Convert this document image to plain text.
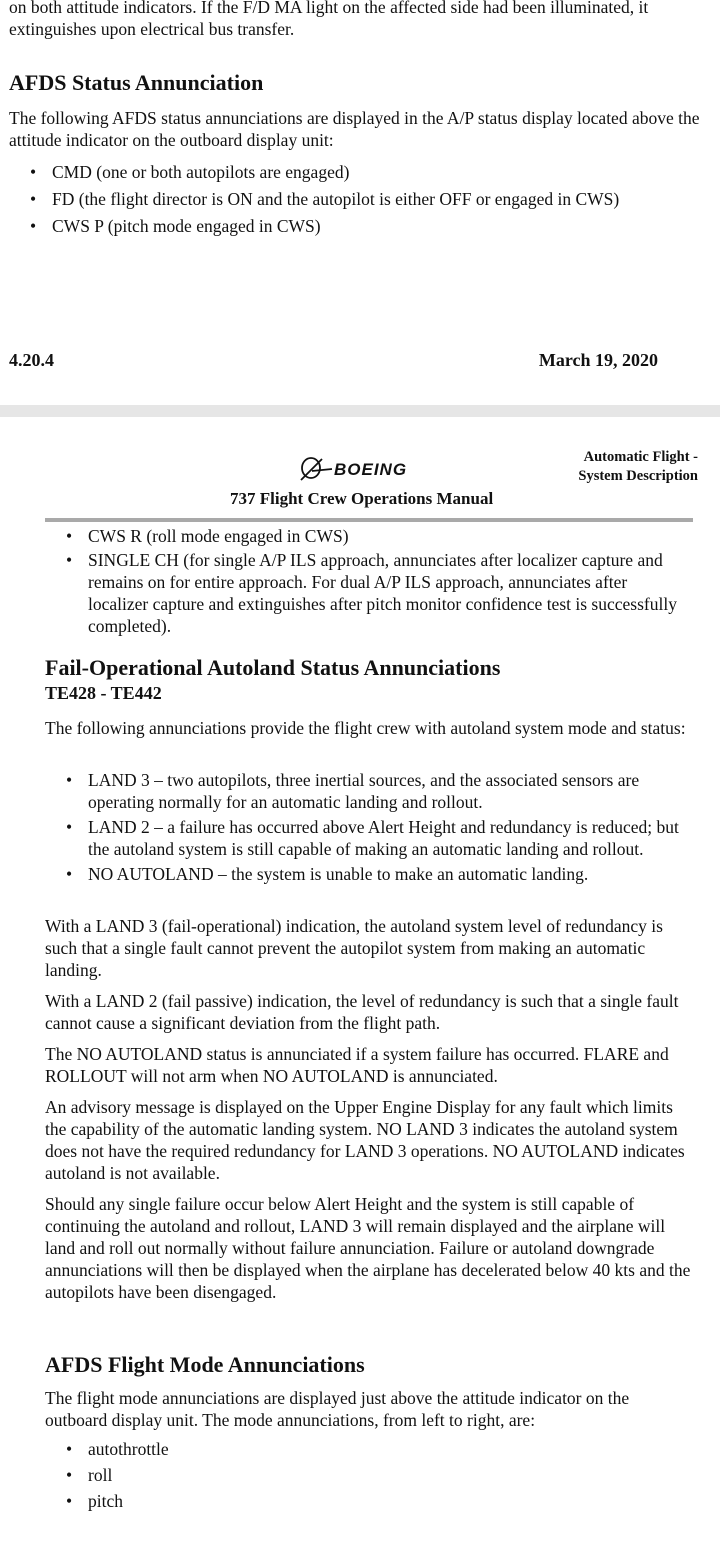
on both attitude indicators. If the F/D MA light on the affected side had been illuminated, it extinguishes upon electrical bus transfer.

AFDS Status Annunciation

The following AFDS status annunciations are displayed in the A/P status display located above the attitude indicator on the outboard display unit:

• CMD (one or both autopilots are engaged)
• FD (the flight director is ON and the autopilot is either OFF or engaged in CWS)
• CWS P (pitch mode engaged in CWS)
4.20.4	March 19, 2020
BOEING
737 Flight Crew Operations Manual
Automatic Flight -
System Description
• CWS R (roll mode engaged in CWS)
• SINGLE CH (for single A/P ILS approach, annunciates after localizer capture and remains on for entire approach. For dual A/P ILS approach, annunciates after localizer capture and extinguishes after pitch monitor confidence test is successfully completed).
Fail-Operational Autoland Status Annunciations
TE428 - TE442

The following annunciations provide the flight crew with autoland system mode and status:

• LAND 3 – two autopilots, three inertial sources, and the associated sensors are operating normally for an automatic landing and rollout.
• LAND 2 – a failure has occurred above Alert Height and redundancy is reduced; but the autoland system is still capable of making an automatic landing and rollout.
• NO AUTOLAND – the system is unable to make an automatic landing.

With a LAND 3 (fail-operational) indication, the autoland system level of redundancy is such that a single fault cannot prevent the autopilot system from making an automatic landing.

With a LAND 2 (fail passive) indication, the level of redundancy is such that a single fault cannot cause a significant deviation from the flight path.

The NO AUTOLAND status is annunciated if a system failure has occurred. FLARE and ROLLOUT will not arm when NO AUTOLAND is annunciated.

An advisory message is displayed on the Upper Engine Display for any fault which limits the capability of the automatic landing system. NO LAND 3 indicates the autoland system does not have the required redundancy for LAND 3 operations. NO AUTOLAND indicates autoland is not available.

Should any single failure occur below Alert Height and the system is still capable of continuing the autoland and rollout, LAND 3 will remain displayed and the airplane will land and roll out normally without failure annunciation. Failure or autoland downgrade annunciations will then be displayed when the airplane has decelerated below 40 kts and the autopilots have been disengaged.

AFDS Flight Mode Annunciations

The flight mode annunciations are displayed just above the attitude indicator on the outboard display unit. The mode annunciations, from left to right, are:

• autothrottle
• roll
• pitch
